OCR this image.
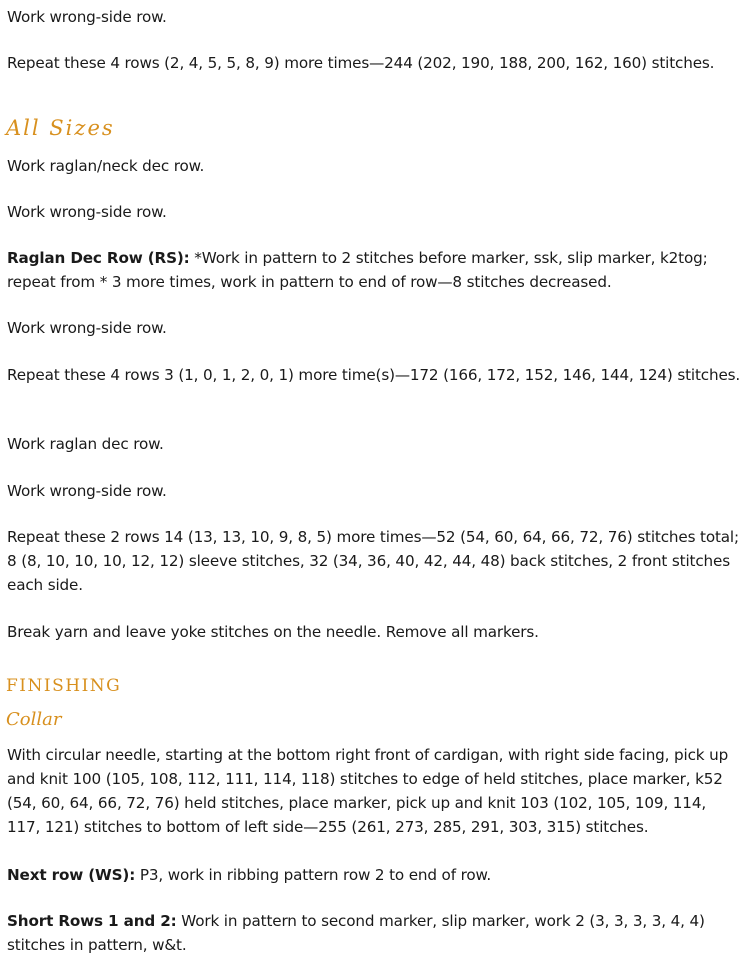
Work wrong-side row.

Repeat these 4 rows (2, 4, 5, 5, 8, 9) more times—244 (202, 190, 188, 200, 162, 160) stitches.

All Sizes

Work raglan/neck dec row.

Work wrong-side row.

Raglan Dec Row (RS): *Work in pattern to 2 stitches before marker, ssk, slip marker, k2tog; repeat from * 3 more times, work in pattern to end of row—8 stitches decreased.

Work wrong-side row.

Repeat these 4 rows 3 (1, 0, 1, 2, 0, 1) more time(s)—172 (166, 172, 152, 146, 144, 124) stitches.

Work raglan dec row.

Work wrong-side row.

Repeat these 2 rows 14 (13, 13, 10, 9, 8, 5) more times—52 (54, 60, 64, 66, 72, 76) stitches total; 8 (8, 10, 10, 10, 12, 12) sleeve stitches, 32 (34, 36, 40, 42, 44, 48) back stitches, 2 front stitches each side.

Break yarn and leave yoke stitches on the needle. Remove all markers.

FINISHING
Collar

With circular needle, starting at the bottom right front of cardigan, with right side facing, pick up and knit 100 (105, 108, 112, 111, 114, 118) stitches to edge of held stitches, place marker, k52 (54, 60, 64, 66, 72, 76) held stitches, place marker, pick up and knit 103 (102, 105, 109, 114, 117, 121) stitches to bottom of left side—255 (261, 273, 285, 291, 303, 315) stitches.

Next row (WS): P3, work in ribbing pattern row 2 to end of row.

Short Rows 1 and 2: Work in pattern to second marker, slip marker, work 2 (3, 3, 3, 3, 4, 4) stitches in pattern, w&t.
